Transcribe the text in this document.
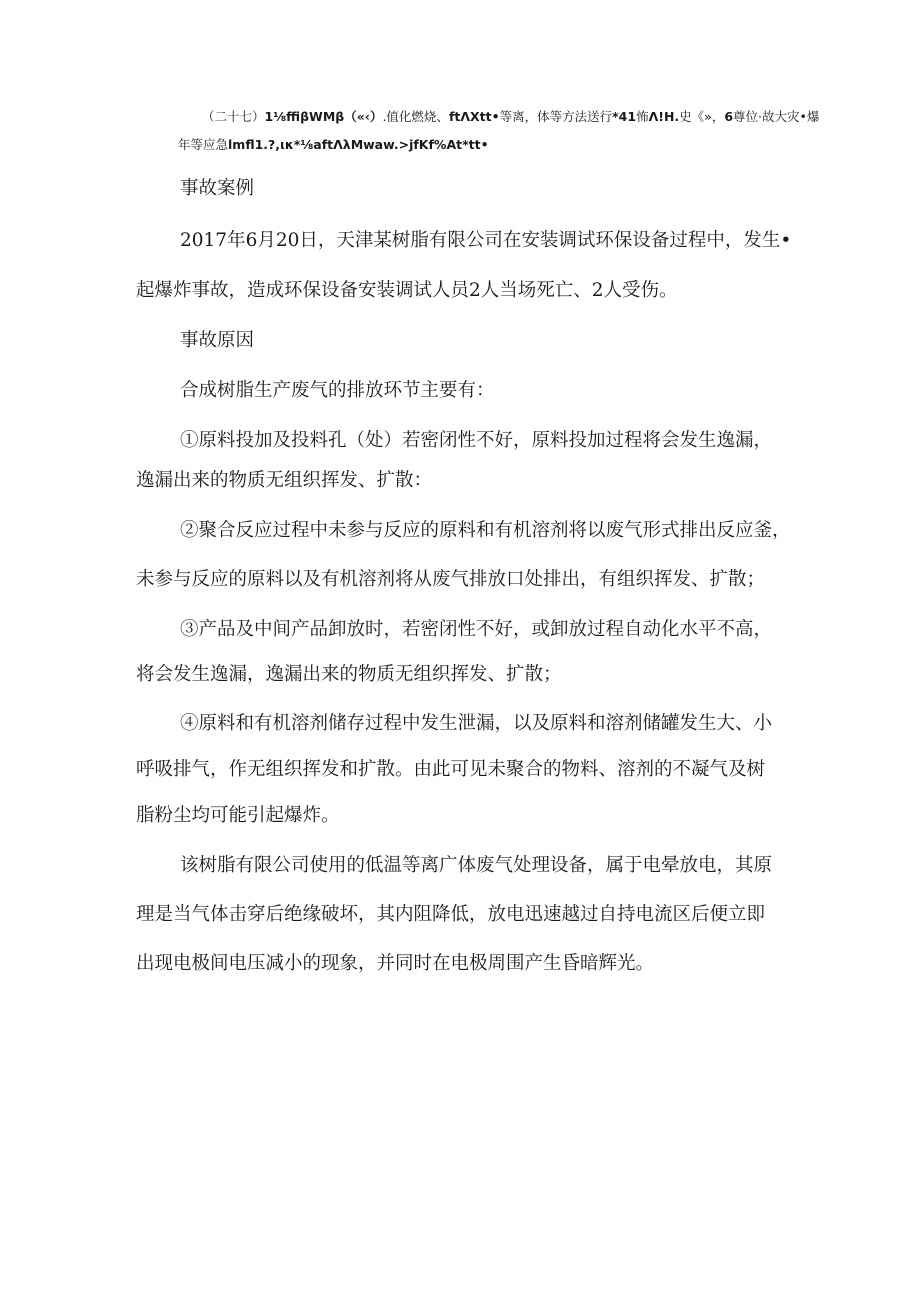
（二十七）1⅛ffiβWMβ（«‹）.值化燃烧、ftΛXtt•等离，体等方法送行*41怖Λ!H.史《»，6尊位·故大灾•爆
年等应急lmfl1.?,ικ*⅛aftΛλMwaw.>jfKf%At*tt•
事故案例
2017年6月20日，天津某树脂有限公司在安装调试环保设备过程中，发生•
起爆炸事故，造成环保设备安装调试人员2人当场死亡、2人受伤。
事故原因
合成树脂生产废气的排放环节主要有：
①原料投加及投料孔（处）若密闭性不好，原料投加过程将会发生逸漏，
逸漏出来的物质无组织挥发、扩散：
②聚合反应过程中未参与反应的原料和有机溶剂将以废气形式排出反应釜，
未参与反应的原料以及有机溶剂将从废气排放口处排出，有组织挥发、扩散；
③产品及中间产品卸放时，若密闭性不好，或卸放过程自动化水平不高，
将会发生逸漏，逸漏出来的物质无组织挥发、扩散；
④原料和有机溶剂储存过程中发生泄漏，以及原料和溶剂储罐发生大、小
呼吸排气，作无组织挥发和扩散。由此可见未聚合的物料、溶剂的不凝气及树
脂粉尘均可能引起爆炸。
该树脂有限公司使用的低温等离广体废气处理设备，属于电晕放电，其原
理是当气体击穿后绝缘破坏，其内阻降低，放电迅速越过自持电流区后便立即
出现电极间电压减小的现象，并同时在电极周围产生昏暗辉光。
